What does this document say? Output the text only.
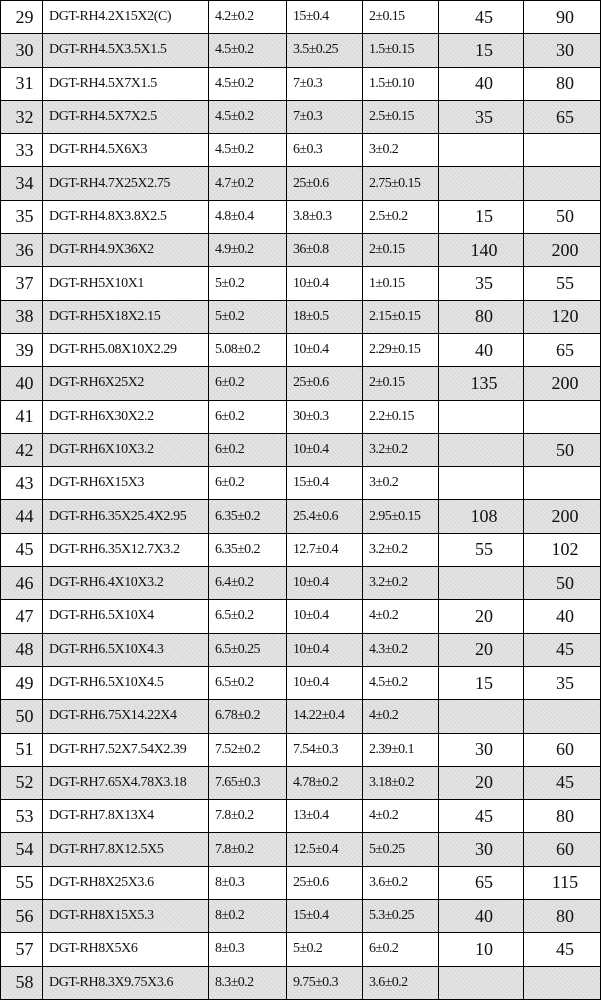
29	DGT-RH4.2X15X2(C)	4.2±0.2	15±0.4	2±0.15	45	90
30	DGT-RH4.5X3.5X1.5	4.5±0.2	3.5±0.25	1.5±0.15	15	30
31	DGT-RH4.5X7X1.5	4.5±0.2	7±0.3	1.5±0.10	40	80
32	DGT-RH4.5X7X2.5	4.5±0.2	7±0.3	2.5±0.15	35	65
33	DGT-RH4.5X6X3	4.5±0.2	6±0.3	3±0.2		
34	DGT-RH4.7X25X2.75	4.7±0.2	25±0.6	2.75±0.15		
35	DGT-RH4.8X3.8X2.5	4.8±0.4	3.8±0.3	2.5±0.2	15	50
36	DGT-RH4.9X36X2	4.9±0.2	36±0.8	2±0.15	140	200
37	DGT-RH5X10X1	5±0.2	10±0.4	1±0.15	35	55
38	DGT-RH5X18X2.15	5±0.2	18±0.5	2.15±0.15	80	120
39	DGT-RH5.08X10X2.29	5.08±0.2	10±0.4	2.29±0.15	40	65
40	DGT-RH6X25X2	6±0.2	25±0.6	2±0.15	135	200
41	DGT-RH6X30X2.2	6±0.2	30±0.3	2.2±0.15		
42	DGT-RH6X10X3.2	6±0.2	10±0.4	3.2±0.2		50
43	DGT-RH6X15X3	6±0.2	15±0.4	3±0.2		
44	DGT-RH6.35X25.4X2.95	6.35±0.2	25.4±0.6	2.95±0.15	108	200
45	DGT-RH6.35X12.7X3.2	6.35±0.2	12.7±0.4	3.2±0.2	55	102
46	DGT-RH6.4X10X3.2	6.4±0.2	10±0.4	3.2±0.2		50
47	DGT-RH6.5X10X4	6.5±0.2	10±0.4	4±0.2	20	40
48	DGT-RH6.5X10X4.3	6.5±0.25	10±0.4	4.3±0.2	20	45
49	DGT-RH6.5X10X4.5	6.5±0.2	10±0.4	4.5±0.2	15	35
50	DGT-RH6.75X14.22X4	6.78±0.2	14.22±0.4	4±0.2		
51	DGT-RH7.52X7.54X2.39	7.52±0.2	7.54±0.3	2.39±0.1	30	60
52	DGT-RH7.65X4.78X3.18	7.65±0.3	4.78±0.2	3.18±0.2	20	45
53	DGT-RH7.8X13X4	7.8±0.2	13±0.4	4±0.2	45	80
54	DGT-RH7.8X12.5X5	7.8±0.2	12.5±0.4	5±0.25	30	60
55	DGT-RH8X25X3.6	8±0.3	25±0.6	3.6±0.2	65	115
56	DGT-RH8X15X5.3	8±0.2	15±0.4	5.3±0.25	40	80
57	DGT-RH8X5X6	8±0.3	5±0.2	6±0.2	10	45
58	DGT-RH8.3X9.75X3.6	8.3±0.2	9.75±0.3	3.6±0.2		
